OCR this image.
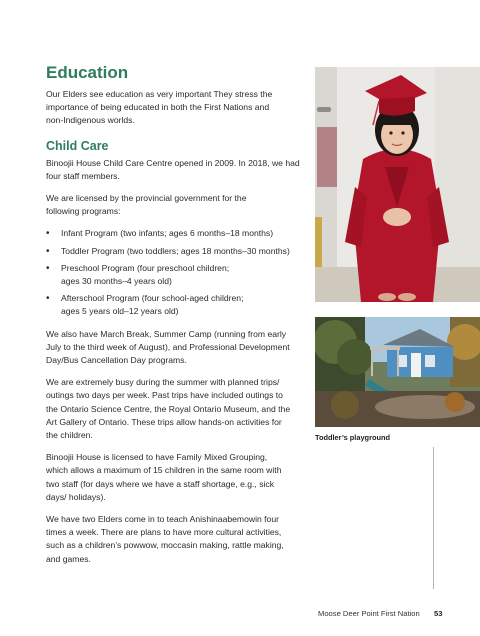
Education

Our Elders see education as very important They stress the
importance of being educated in both the First Nations and
non-Indigenous worlds.

Child Care

Binoojii House Child Care Centre opened in 2009. In 2018, we had
four staff members.

We are licensed by the provincial government for the
following programs:

• Infant Program (two infants; ages 6 months–18 months)
• Toddler Program (two toddlers; ages 18 months–30 months)
• Preschool Program (four preschool children;
ages 30 months–4 years old)
• Afterschool Program (four school-aged children;
ages 5 years old–12 years old)

We also have March Break, Summer Camp (running from early
July to the third week of August), and Professional Development
Day/Bus Cancellation Day programs.

We are extremely busy during the summer with planned trips/
outings two days per week. Past trips have included outings to
the Ontario Science Centre, the Royal Ontario Museum, and the
Art Gallery of Ontario. These trips allow hands-on activities for
the children.

Binoojii House is licensed to have Family Mixed Grouping,
which allows a maximum of 15 children in the same room with
two staff (for days where we have a staff shortage, e.g., sick
days/ holidays).

We have two Elders come in to teach Anishinaabemowin four
times a week. There are plans to have more cultural activities,
such as a children’s powwow, moccasin making, rattle making,
and games.

Toddler’s playground
Moose Deer Point First Nation 53
